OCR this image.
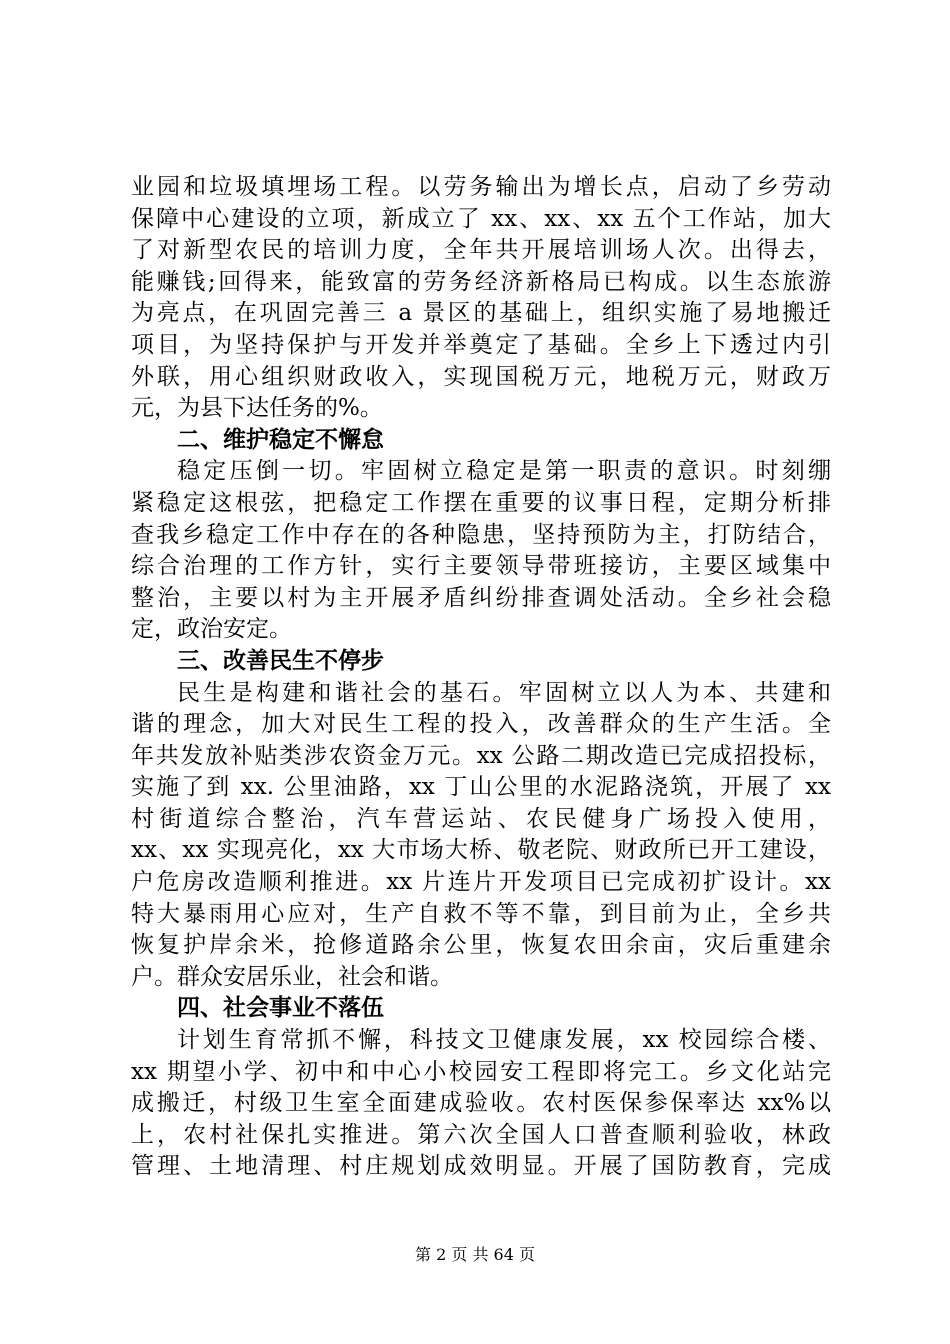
业园和垃圾填埋场工程。以劳务输出为增长点，启动了乡劳动
保障中心建设的立项，新成立了 xx、xx、xx 五个工作站，加大
了对新型农民的培训力度，全年共开展培训场人次。出得去，
能赚钱;回得来，能致富的劳务经济新格局已构成。以生态旅游
为亮点，在巩固完善三 a 景区的基础上，组织实施了易地搬迁
项目，为坚持保护与开发并举奠定了基础。全乡上下透过内引
外联，用心组织财政收入，实现国税万元，地税万元，财政万
元，为县下达任务的%。
二、维护稳定不懈怠
稳定压倒一切。牢固树立稳定是第一职责的意识。时刻绷
紧稳定这根弦，把稳定工作摆在重要的议事日程，定期分析排
查我乡稳定工作中存在的各种隐患，坚持预防为主，打防结合，
综合治理的工作方针，实行主要领导带班接访，主要区域集中
整治，主要以村为主开展矛盾纠纷排查调处活动。全乡社会稳
定，政治安定。
三、改善民生不停步
民生是构建和谐社会的基石。牢固树立以人为本、共建和
谐的理念，加大对民生工程的投入，改善群众的生产生活。全
年共发放补贴类涉农资金万元。xx 公路二期改造已完成招投标，
实施了到 xx. 公里油路，xx 丁山公里的水泥路浇筑，开展了 xx
村街道综合整治，汽车营运站、农民健身广场投入使用，
xx、xx 实现亮化，xx 大市场大桥、敬老院、财政所已开工建设，
户危房改造顺利推进。xx 片连片开发项目已完成初扩设计。xx
特大暴雨用心应对，生产自救不等不靠，到目前为止，全乡共
恢复护岸余米，抢修道路余公里，恢复农田余亩，灾后重建余
户。群众安居乐业，社会和谐。
四、社会事业不落伍
计划生育常抓不懈，科技文卫健康发展，xx 校园综合楼、
xx 期望小学、初中和中心小校园安工程即将完工。乡文化站完
成搬迁，村级卫生室全面建成验收。农村医保参保率达 xx%以
上，农村社保扎实推进。第六次全国人口普查顺利验收，林政
管理、土地清理、村庄规划成效明显。开展了国防教育，完成
第 2 页 共 64 页
